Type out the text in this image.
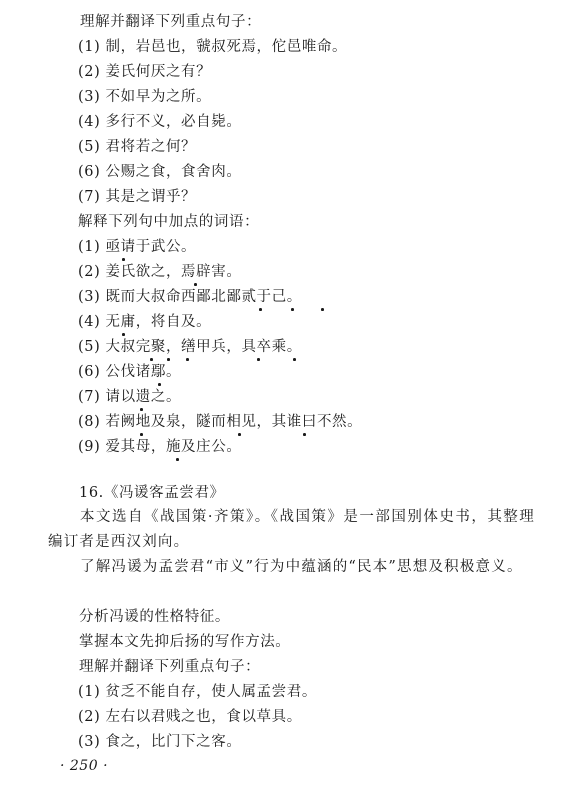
理解并翻译下列重点句子：
(1) 制，岩邑也，虢叔死焉，佗邑唯命。
(2) 姜氏何厌之有？
(3) 不如早为之所。
(4) 多行不义，必自毙。
(5) 君将若之何？
(6) 公赐之食，食舍肉。
(7) 其是之谓乎？
解释下列句中加点的词语：
(1) 亟请于武公。
(2) 姜氏欲之，焉辟害。
(3) 既而大叔命西鄙北鄙贰于己。
(4) 无庸，将自及。
(5) 大叔完聚，缮甲兵，具卒乘。
(6) 公伐诸鄢。
(7) 请以遗之。
(8) 若阙地及泉，隧而相见，其谁曰不然。
(9) 爱其母，施及庄公。
16.《冯谖客孟尝君》
本文选自《战国策·齐策》。《战国策》是一部国别体史书，其整理编订者是西汉刘向。
了解冯谖为孟尝君“市义”行为中蕴涵的“民本”思想及积极意义。
分析冯谖的性格特征。
掌握本文先抑后扬的写作方法。
理解并翻译下列重点句子：
(1) 贫乏不能自存，使人属孟尝君。
(2) 左右以君贱之也，食以草具。
(3) 食之，比门下之客。
· 250 ·
